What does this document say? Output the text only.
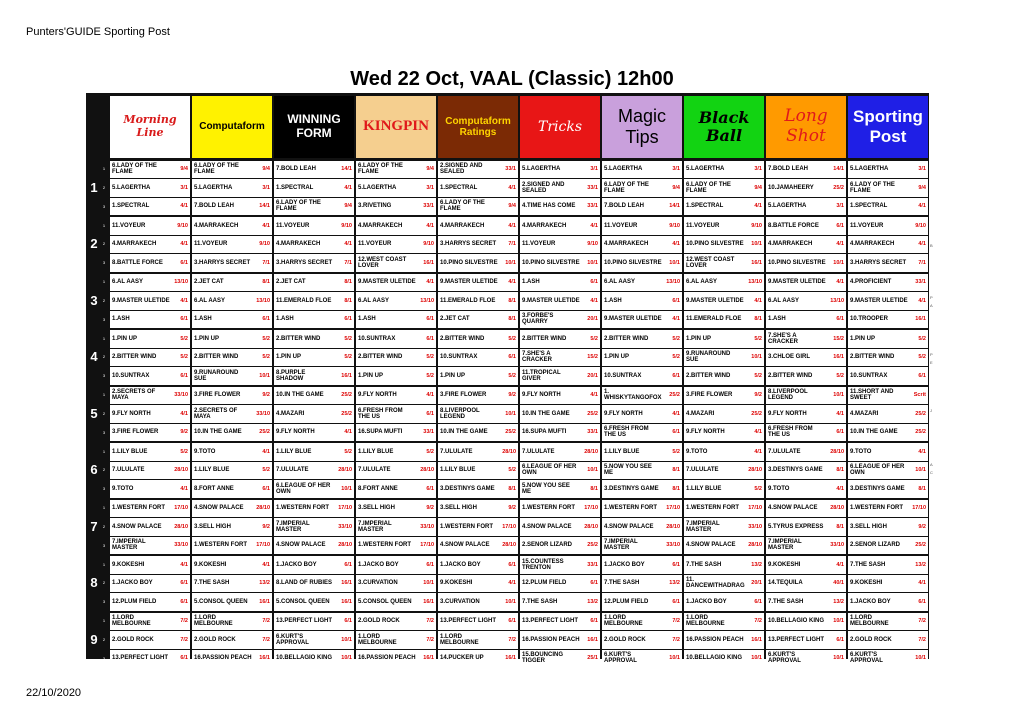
Punters'GUIDE Sporting Post
Wed 22 Oct, VAAL (Classic) 12h00
Morning
Line	Computaform
WINNING
FORM KINGPIN Computaform
Ratings	Tricks
Magic
Tips
Black
Ball
Long
Shot
Sporting
Post
1
1	6.LADY OF THE FLAME	9/4 6.LADY OF THE FLAME	9/4 7.BOLD LEAH	14/1 6.LADY OF THE FLAME	9/4 2.SIGNED AND SEALED	33/1 5.LAGERTHA	3/1 5.LAGERTHA	3/1 5.LAGERTHA	3/1 7.BOLD LEAH	14/1 5.LAGERTHA	3/1
2	5.LAGERTHA	3/1 5.LAGERTHA	3/1 1.SPECTRAL	4/1 5.LAGERTHA	3/1 1.SPECTRAL	4/1 2.SIGNED AND SEALED	33/1 6.LADY OF THE FLAME	9/4 6.LADY OF THE FLAME	9/4 10.JAMAHEERY	25/2 6.LADY OF THE FLAME	9/4
3	1.SPECTRAL	4/1 7.BOLD LEAH	14/1 6.LADY OF THE FLAME	9/4 3.RIVETING	33/1 6.LADY OF THE FLAME	9/4 4.TIME HAS COME	33/1 7.BOLD LEAH	14/1 1.SPECTRAL	4/1 5.LAGERTHA	3/1 1.SPECTRAL	4/1
2
1	11.VOYEUR	9/10 4.MARRAKECH	4/1 11.VOYEUR	9/10 4.MARRAKECH	4/1 4.MARRAKECH	4/1 4.MARRAKECH	4/1 11.VOYEUR	9/10 11.VOYEUR	9/10 8.BATTLE FORCE	6/1 11.VOYEUR	9/10
2	4.MARRAKECH	4/1 11.VOYEUR	9/10 4.MARRAKECH	4/1 11.VOYEUR	9/10 3.HARRYS SECRET	7/1 11.VOYEUR	9/10 4.MARRAKECH	4/1 10.PINO SILVESTRE 10/1 4.MARRAKECH	4/1 4.MARRAKECH	4/1
3	8.BATTLE FORCE	6/1 3.HARRYS SECRET	7/1 3.HARRYS SECRET	7/1 12.WEST COAST LOVER	16/1 10.PINO SILVESTRE 10/1 10.PINO SILVESTRE 10/1 10.PINO SILVESTRE 10/1 12.WEST COAST LOVER	16/1 10.PINO SILVESTRE 10/1 3.HARRYS SECRET	7/1
3
1	6.AL AASY	13/10 2.JET CAT	8/1 2.JET CAT	8/1 9.MASTER ULETIDE 4/1 9.MASTER ULETIDE 4/1 1.ASH	6/1 6.AL AASY	13/10 6.AL AASY	13/10 9.MASTER ULETIDE 4/1 4.PROFICIENT	33/1
2	9.MASTER ULETIDE 4/1 6.AL AASY	13/10 11.EMERALD FLOE	8/1 6.AL AASY	13/10 11.EMERALD FLOE	8/1 9.MASTER ULETIDE 4/1 1.ASH	6/1 9.MASTER ULETIDE 4/1 6.AL AASY	13/10 9.MASTER ULETIDE 4/1
3	1.ASH	6/1 1.ASH	6/1 1.ASH	6/1 1.ASH	6/1 2.JET CAT	8/1 3.FORBE'S QUARRY	20/1 9.MASTER ULETIDE 4/1 11.EMERALD FLOE	8/1 1.ASH	6/1 10.TROOPER	16/1
4
1	1.PIN UP	5/2 1.PIN UP	5/2 2.BITTER WIND	5/2 10.SUNTRAX	6/1 2.BITTER WIND	5/2 2.BITTER WIND	5/2 2.BITTER WIND	5/2 1.PIN UP	5/2 7.SHE'S A CRACKER	15/2 1.PIN UP	5/2
2	2.BITTER WIND	5/2 2.BITTER WIND	5/2 1.PIN UP	5/2 2.BITTER WIND	5/2 10.SUNTRAX	6/1 7.SHE'S A CRACKER	15/2 1.PIN UP	5/2 9.RUNAROUND SUE	10/1 3.CHLOE GIRL	16/1 2.BITTER WIND	5/2
3	10.SUNTRAX	6/1 9.RUNAROUND SUE	10/1 8.PURPLE SHADOW	16/1 1.PIN UP	5/2 1.PIN UP	5/2 11.TROPICAL GIVER	20/1 10.SUNTRAX	6/1 2.BITTER WIND	5/2 2.BITTER WIND	5/2 10.SUNTRAX	6/1
5
1	2.SECRETS OF MAYA	33/10 3.FIRE FLOWER	9/2 10.IN THE GAME	25/2 9.FLY NORTH	4/1 3.FIRE FLOWER	9/2 9.FLY NORTH	4/1 1. WHISKYTANGOFOX 25/2 3.FIRE FLOWER	9/2 8.LIVERPOOL LEGEND	10/1 11.SHORT AND SWEET	Scrit
2	9.FLY NORTH	4/1 2.SECRETS OF MAYA	33/10 4.MAZARI	25/2 6.FRESH FROM THE US	6/1 8.LIVERPOOL LEGEND	10/1 10.IN THE GAME	25/2 9.FLY NORTH	4/1 4.MAZARI	25/2 9.FLY NORTH	4/1 4.MAZARI	25/2
3	3.FIRE FLOWER	9/2 10.IN THE GAME	25/2 9.FLY NORTH	4/1 16.SUPA MUFTI	33/1 10.IN THE GAME	25/2 16.SUPA MUFTI	33/1 6.FRESH FROM THE US	6/1 9.FLY NORTH	4/1 6.FRESH FROM THE US	6/1 10.IN THE GAME	25/2
6
1	1.LILY BLUE	5/2 9.TOTO	4/1 1.LILY BLUE	5/2 1.LILY BLUE	5/2 7.ULULATE	28/10 7.ULULATE	28/10 1.LILY BLUE	5/2 9.TOTO	4/1 7.ULULATE	28/10 9.TOTO	4/1
2	7.ULULATE	28/10 1.LILY BLUE	5/2 7.ULULATE	28/10 7.ULULATE	28/10 1.LILY BLUE	5/2 6.LEAGUE OF HER OWN	10/1 5.NOW YOU SEE ME	8/1 7.ULULATE	28/10 3.DESTINYS GAME	8/1 6.LEAGUE OF HER OWN	10/1
3	9.TOTO	4/1 8.FORT ANNE	6/1 6.LEAGUE OF HER OWN	10/1 8.FORT ANNE	6/1 3.DESTINYS GAME	8/1 5.NOW YOU SEE ME	8/1 3.DESTINYS GAME	8/1 1.LILY BLUE	5/2 9.TOTO	4/1 3.DESTINYS GAME	8/1
7
1	1.WESTERN FORT	17/10 4.SNOW PALACE	28/10 1.WESTERN FORT	17/10 3.SELL HIGH	9/2 3.SELL HIGH	9/2 1.WESTERN FORT	17/10 1.WESTERN FORT	17/10 1.WESTERN FORT	17/10 4.SNOW PALACE	28/10 1.WESTERN FORT	17/10
2	4.SNOW PALACE	28/10 3.SELL HIGH	9/2 7.IMPERIAL MASTER	33/10 7.IMPERIAL MASTER	33/10 1.WESTERN FORT	17/10 4.SNOW PALACE	28/10 4.SNOW PALACE	28/10 7.IMPERIAL MASTER	33/10 5.TYRUS EXPRESS	8/1 3.SELL HIGH	9/2
3	7.IMPERIAL MASTER	33/10 1.WESTERN FORT	17/10 4.SNOW PALACE	28/10 1.WESTERN FORT	17/10 4.SNOW PALACE	28/10 2.SENOR LIZARD	25/2 7.IMPERIAL MASTER	33/10 4.SNOW PALACE	28/10 7.IMPERIAL MASTER	33/10 2.SENOR LIZARD	25/2
8
1	9.KOKESHI	4/1 9.KOKESHI	4/1 1.JACKO BOY	6/1 1.JACKO BOY	6/1 1.JACKO BOY	6/1 15.COUNTESS TRENTON	33/1 1.JACKO BOY	6/1 7.THE SASH	13/2 9.KOKESHI	4/1 7.THE SASH	13/2
2	1.JACKO BOY	6/1 7.THE SASH	13/2 8.LAND OF RUBIES	16/1 3.CURVATION	10/1 9.KOKESHI	4/1 12.PLUM FIELD	6/1 7.THE SASH	13/2 11. DANCEWITHADRAG 20/1 14.TEQUILA	40/1 9.KOKESHI	4/1
3	12.PLUM FIELD	6/1 5.CONSOL QUEEN	16/1 5.CONSOL QUEEN	16/1 5.CONSOL QUEEN	16/1 3.CURVATION	10/1 7.THE SASH	13/2 12.PLUM FIELD	6/1 1.JACKO BOY	6/1 7.THE SASH	13/2 1.JACKO BOY	6/1
9
1	1.LORD MELBOURNE	7/2 1.LORD MELBOURNE	7/2 13.PERFECT LIGHT	6/1 2.GOLD ROCK	7/2 13.PERFECT LIGHT	6/1 13.PERFECT LIGHT	6/1 1.LORD MELBOURNE	7/2 1.LORD MELBOURNE	7/2 10.BELLAGIO KING	10/1 1.LORD MELBOURNE	7/2
2	2.GOLD ROCK	7/2 2.GOLD ROCK	7/2 6.KURT'S APPROVAL	10/1 1.LORD MELBOURNE	7/2 1.LORD MELBOURNE	7/2 16.PASSION PEACH 16/1 2.GOLD ROCK	7/2 16.PASSION PEACH 16/1 13.PERFECT LIGHT	6/1 2.GOLD ROCK	7/2
3	13.PERFECT LIGHT	6/1 16.PASSION PEACH 16/1 10.BELLAGIO KING	10/1 16.PASSION PEACH 16/1 14.PUCKER UP	16/1 15.BOUNCING TIGGER	25/1 6.KURT'S APPROVAL	10/1 10.BELLAGIO KING	10/1 6.KURT'S APPROVAL	10/1 6.KURT'S APPROVAL	10/1
B
P
A
P
E
J
A
C
22/10/2020
